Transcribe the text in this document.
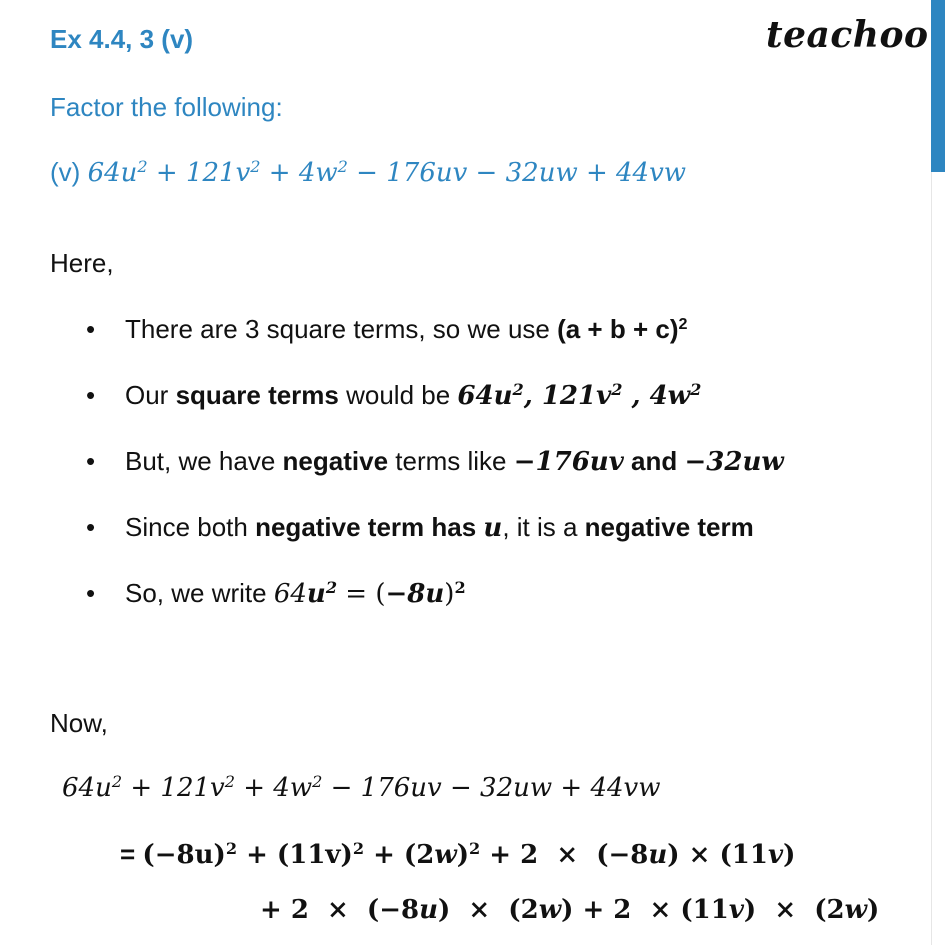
Ex 4.4, 3 (v)	teachoo
Factor the following:
(v) $64u^2 + 121v^2 + 4w^2 - 176uv - 32uw + 44vw$
Here,
• There are 3 square terms, so we use $(a + b + c)^2$
• Our square terms would be $64u^2$, $121v^2$ , $4w^2$
• But, we have negative terms like −176uv and −32uw
• Since both negative term has u, it is a negative term
• So, we write $64u^2 = (-8u)^2$
Now,
$64u^2 + 121v^2 + 4w^2 - 176uv - 32uw + 44vw$
= $(-8u)^2 + (11v)^2 + (2w)^2 + 2 \times (-8u) \times (11v)$
+ 2  ×  (−8u)  ×  (2w) + 2  × (11v)  ×  (2w)
